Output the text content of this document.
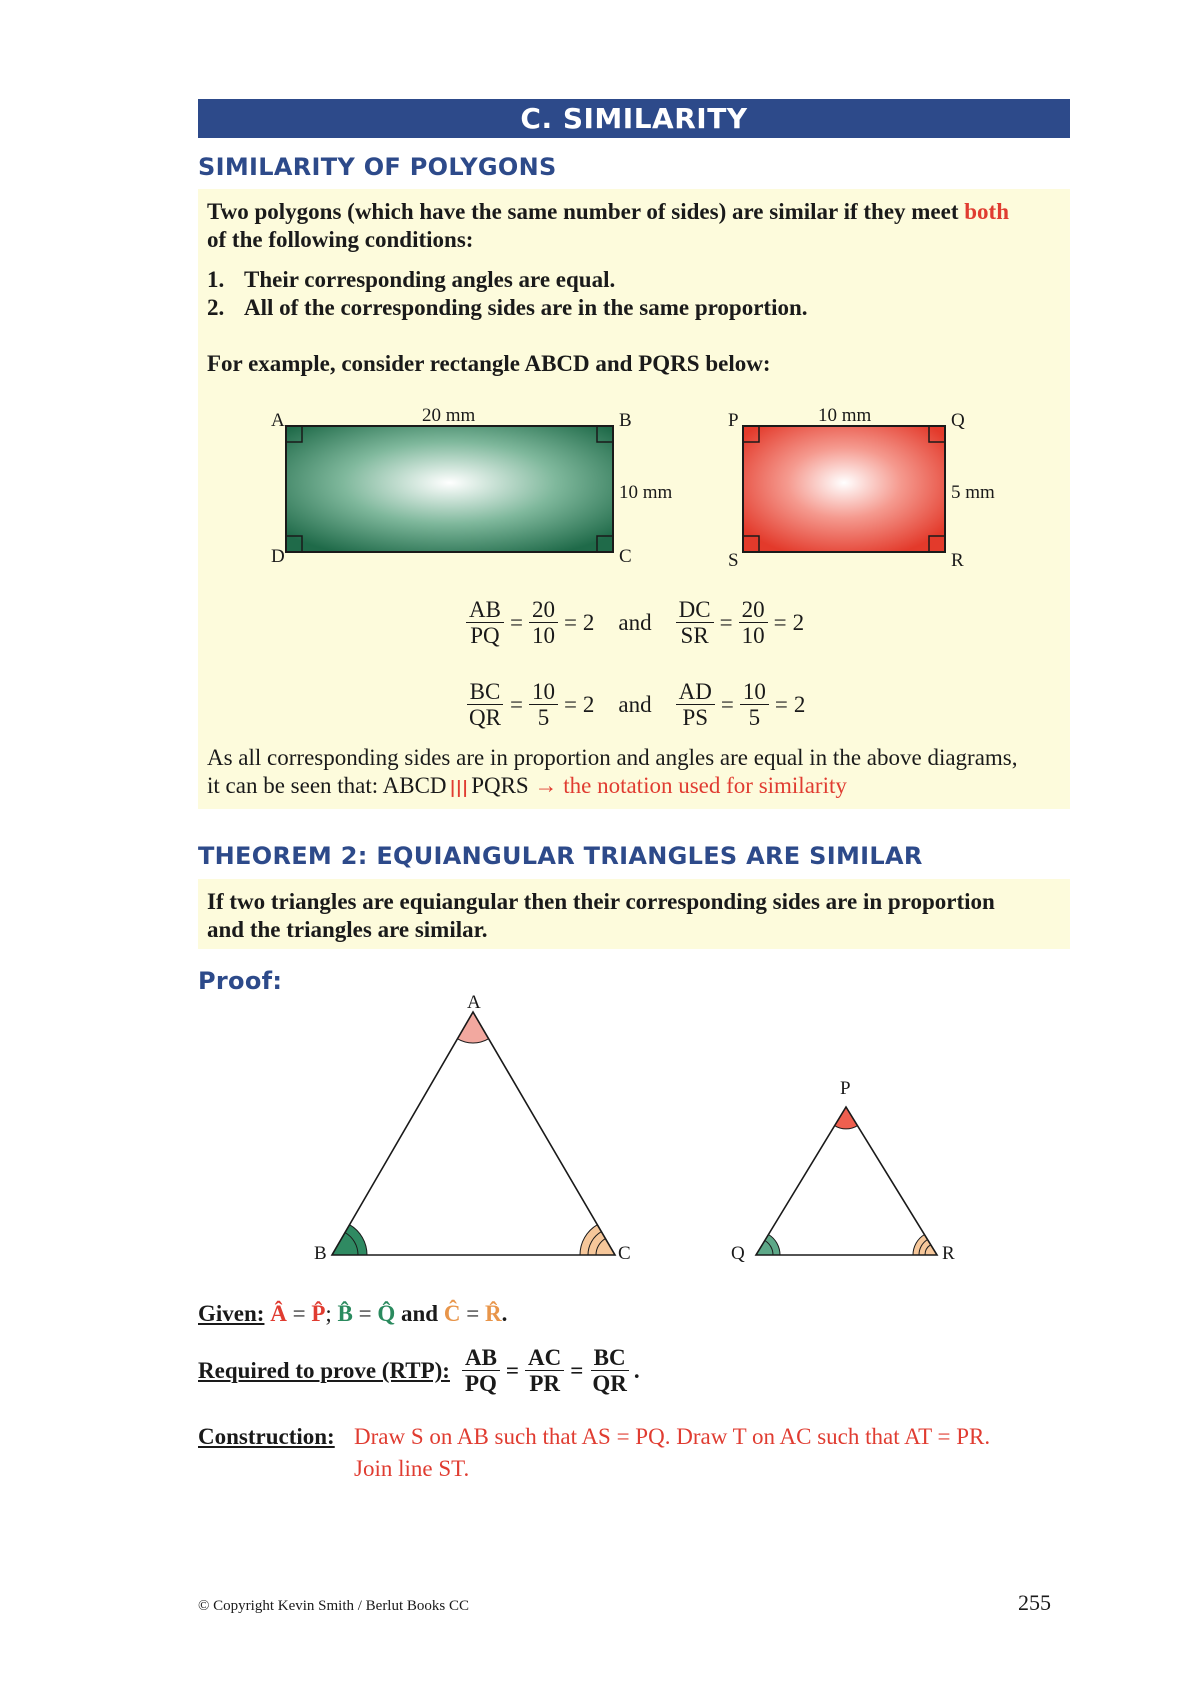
C. SIMILARITY
SIMILARITY OF POLYGONS
Two polygons (which have the same number of sides) are similar if they meet both
of the following conditions:
1. Their corresponding angles are equal.
2. All of the corresponding sides are in the same proportion.
For example, consider rectangle ABCD and PQRS below:
A	B
C
D
20 mm
10 mm
P	Q
R
S
10 mm
5 mm
$\frac{AB}{PQ} = \frac{20}{10} = 2$ and $\frac{DC}{SR} = \frac{20}{10} = 2$
$\frac{BC}{QR} = \frac{10}{5} = 2$ and $\frac{AD}{PS} = \frac{10}{5} = 2$
As all corresponding sides are in proportion and angles are equal in the above diagrams,
it can be seen that: ABCD ||| PQRS → the notation used for similarity
THEOREM 2: EQUIANGULAR TRIANGLES ARE SIMILAR
If two triangles are equiangular then their corresponding sides are in proportion
and the triangles are similar.
Proof:
A
B	C
P
Q	R
Given: Â = P̂; B̂ = Q̂ and Ĉ = R̂.
Required to prove (RTP): $\frac{AB}{PQ} = \frac{AC}{PR} = \frac{BC}{QR}$ .
Construction: Draw S on AB such that AS = PQ. Draw T on AC such that AT = PR.
Join line ST.
© Copyright Kevin Smith / Berlut Books CC	255
